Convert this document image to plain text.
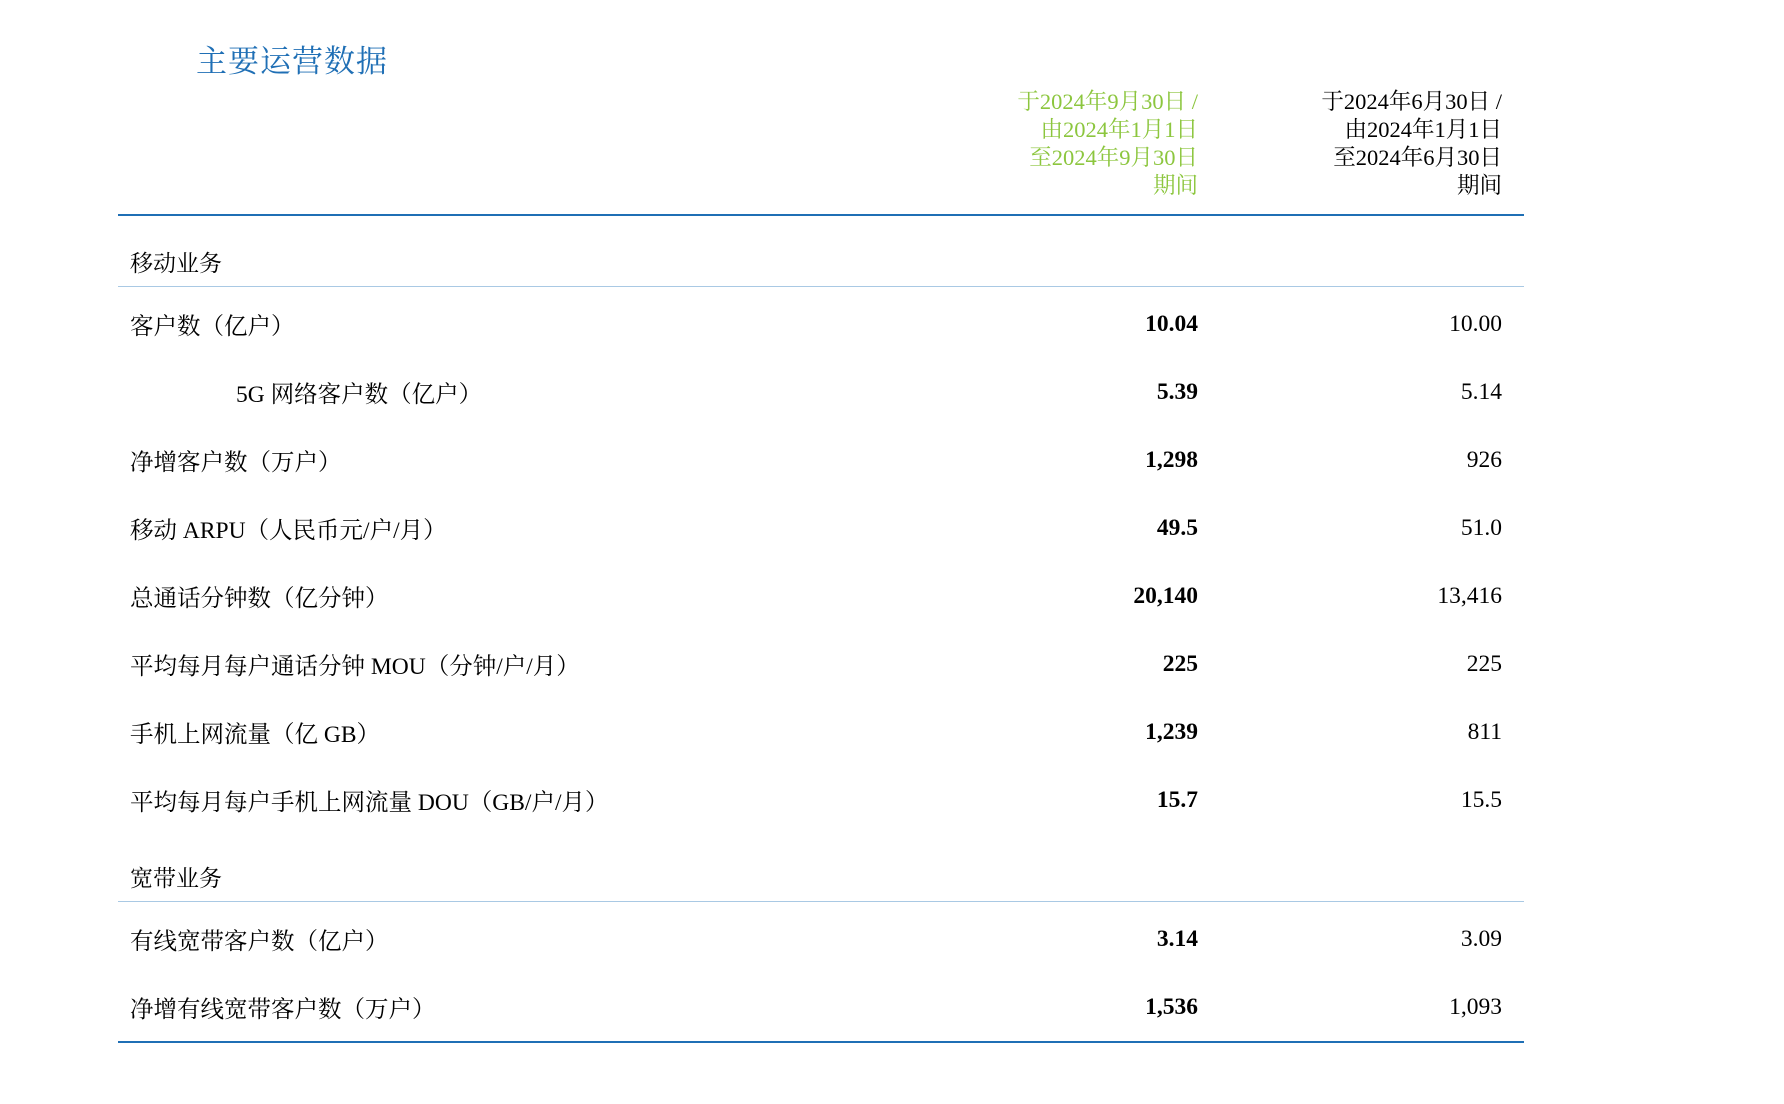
主要运营数据

	于2024年9月30日 /
由2024年1月1日
至2024年9月30日
期间	于2024年6月30日 /
由2024年1月1日
至2024年6月30日
期间

移动业务		

客户数（亿户）	10.04	10.00
5G 网络客户数（亿户）	5.39	5.14
净增客户数（万户）	1,298	926
移动 ARPU（人民币元/户/月）	49.5	51.0
总通话分钟数（亿分钟）	20,140	13,416
平均每月每户通话分钟 MOU（分钟/户/月）	225	225
手机上网流量（亿 GB）	1,239	811
平均每月每户手机上网流量 DOU（GB/户/月）	15.7	15.5
宽带业务		

有线宽带客户数（亿户）	3.14	3.09
净增有线宽带客户数（万户）	1,536	1,093
